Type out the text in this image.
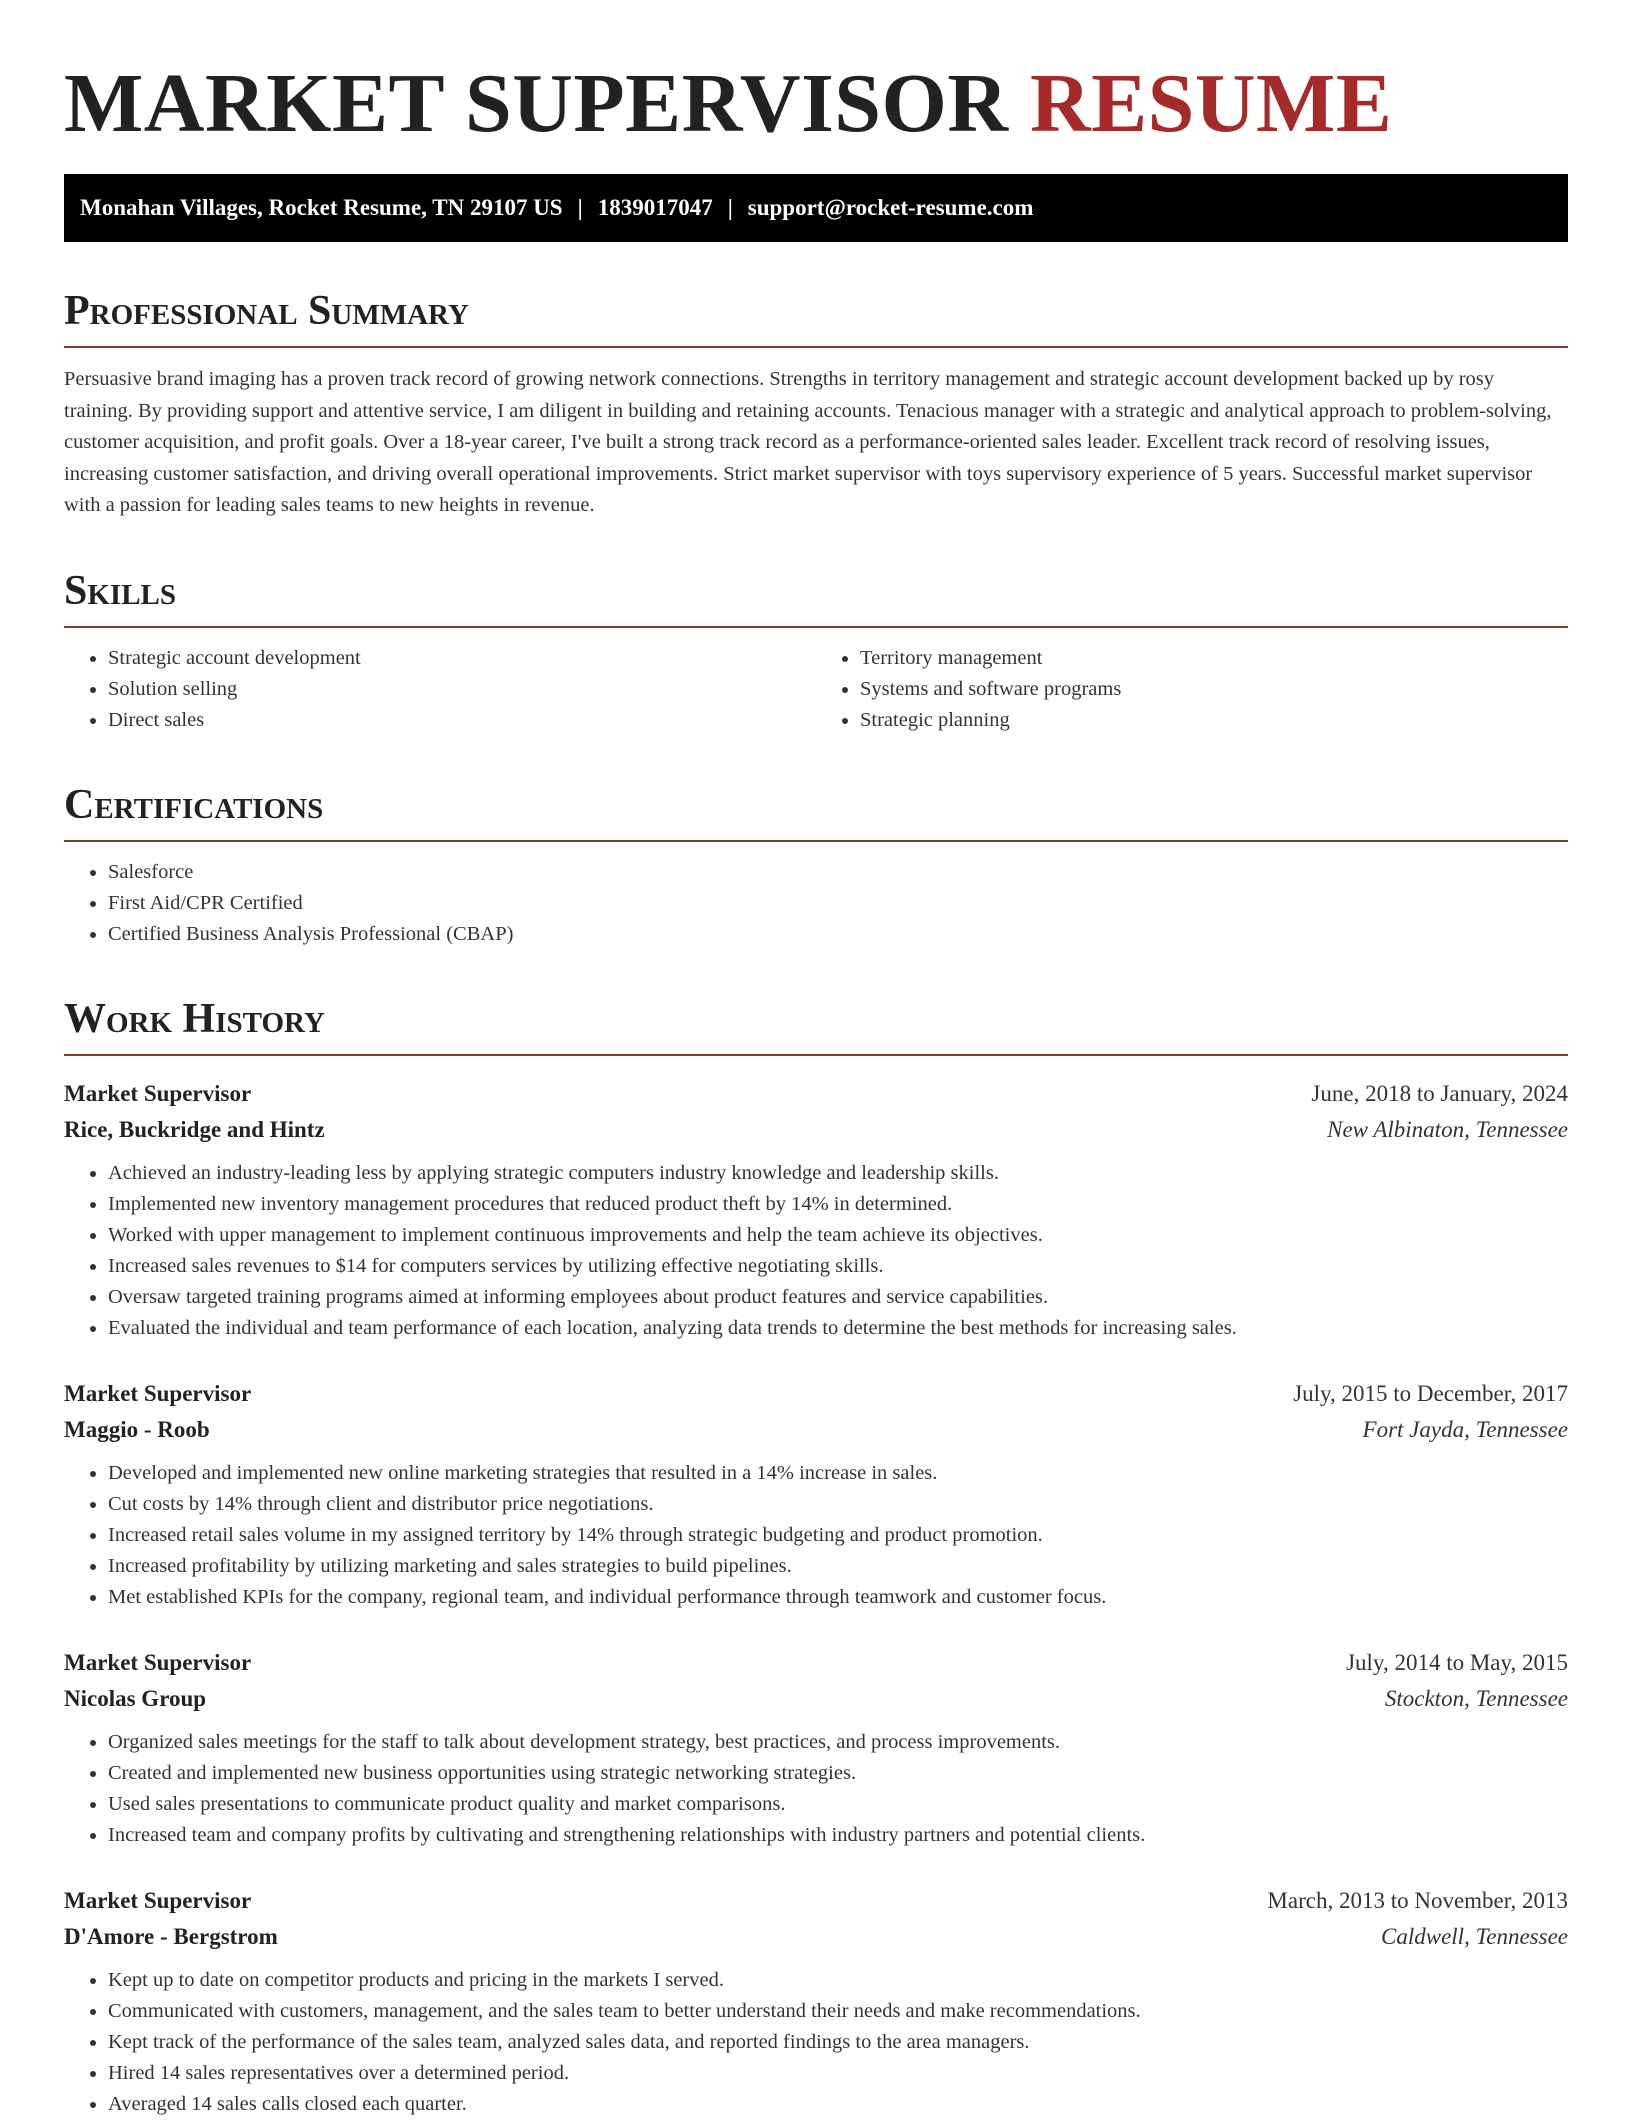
MARKET SUPERVISOR RESUME
Monahan Villages, Rocket Resume, TN 29107 US | 1839017047 | support@rocket-resume.com
Professional Summary

Persuasive brand imaging has a proven track record of growing network connections. Strengths in territory management and strategic account development backed up by rosy training. By providing support and attentive service, I am diligent in building and retaining accounts. Tenacious manager with a strategic and analytical approach to problem-solving, customer acquisition, and profit goals. Over a 18-year career, I've built a strong track record as a performance-oriented sales leader. Excellent track record of resolving issues, increasing customer satisfaction, and driving overall operational improvements. Strict market supervisor with toys supervisory experience of 5 years. Successful market supervisor with a passion for leading sales teams to new heights in revenue.

Skills
• Strategic account development
• Solution selling
• Direct sales
• Territory management
• Systems and software programs
• Strategic planning
Certifications
• Salesforce
• First Aid/CPR Certified
• Certified Business Analysis Professional (CBAP)
Work History
Market Supervisor	June, 2018 to January, 2024
Rice, Buckridge and Hintz	New Albinaton, Tennessee
• Achieved an industry-leading less by applying strategic computers industry knowledge and leadership skills.
• Implemented new inventory management procedures that reduced product theft by 14% in determined.
• Worked with upper management to implement continuous improvements and help the team achieve its objectives.
• Increased sales revenues to $14 for computers services by utilizing effective negotiating skills.
• Oversaw targeted training programs aimed at informing employees about product features and service capabilities.
• Evaluated the individual and team performance of each location, analyzing data trends to determine the best methods for increasing sales.
Market Supervisor	July, 2015 to December, 2017
Maggio - Roob	Fort Jayda, Tennessee
• Developed and implemented new online marketing strategies that resulted in a 14% increase in sales.
• Cut costs by 14% through client and distributor price negotiations.
• Increased retail sales volume in my assigned territory by 14% through strategic budgeting and product promotion.
• Increased profitability by utilizing marketing and sales strategies to build pipelines.
• Met established KPIs for the company, regional team, and individual performance through teamwork and customer focus.
Market Supervisor	July, 2014 to May, 2015
Nicolas Group	Stockton, Tennessee
• Organized sales meetings for the staff to talk about development strategy, best practices, and process improvements.
• Created and implemented new business opportunities using strategic networking strategies.
• Used sales presentations to communicate product quality and market comparisons.
• Increased team and company profits by cultivating and strengthening relationships with industry partners and potential clients.
Market Supervisor	March, 2013 to November, 2013
D'Amore - Bergstrom	Caldwell, Tennessee
• Kept up to date on competitor products and pricing in the markets I served.
• Communicated with customers, management, and the sales team to better understand their needs and make recommendations.
• Kept track of the performance of the sales team, analyzed sales data, and reported findings to the area managers.
• Hired 14 sales representatives over a determined period.
• Averaged 14 sales calls closed each quarter.
